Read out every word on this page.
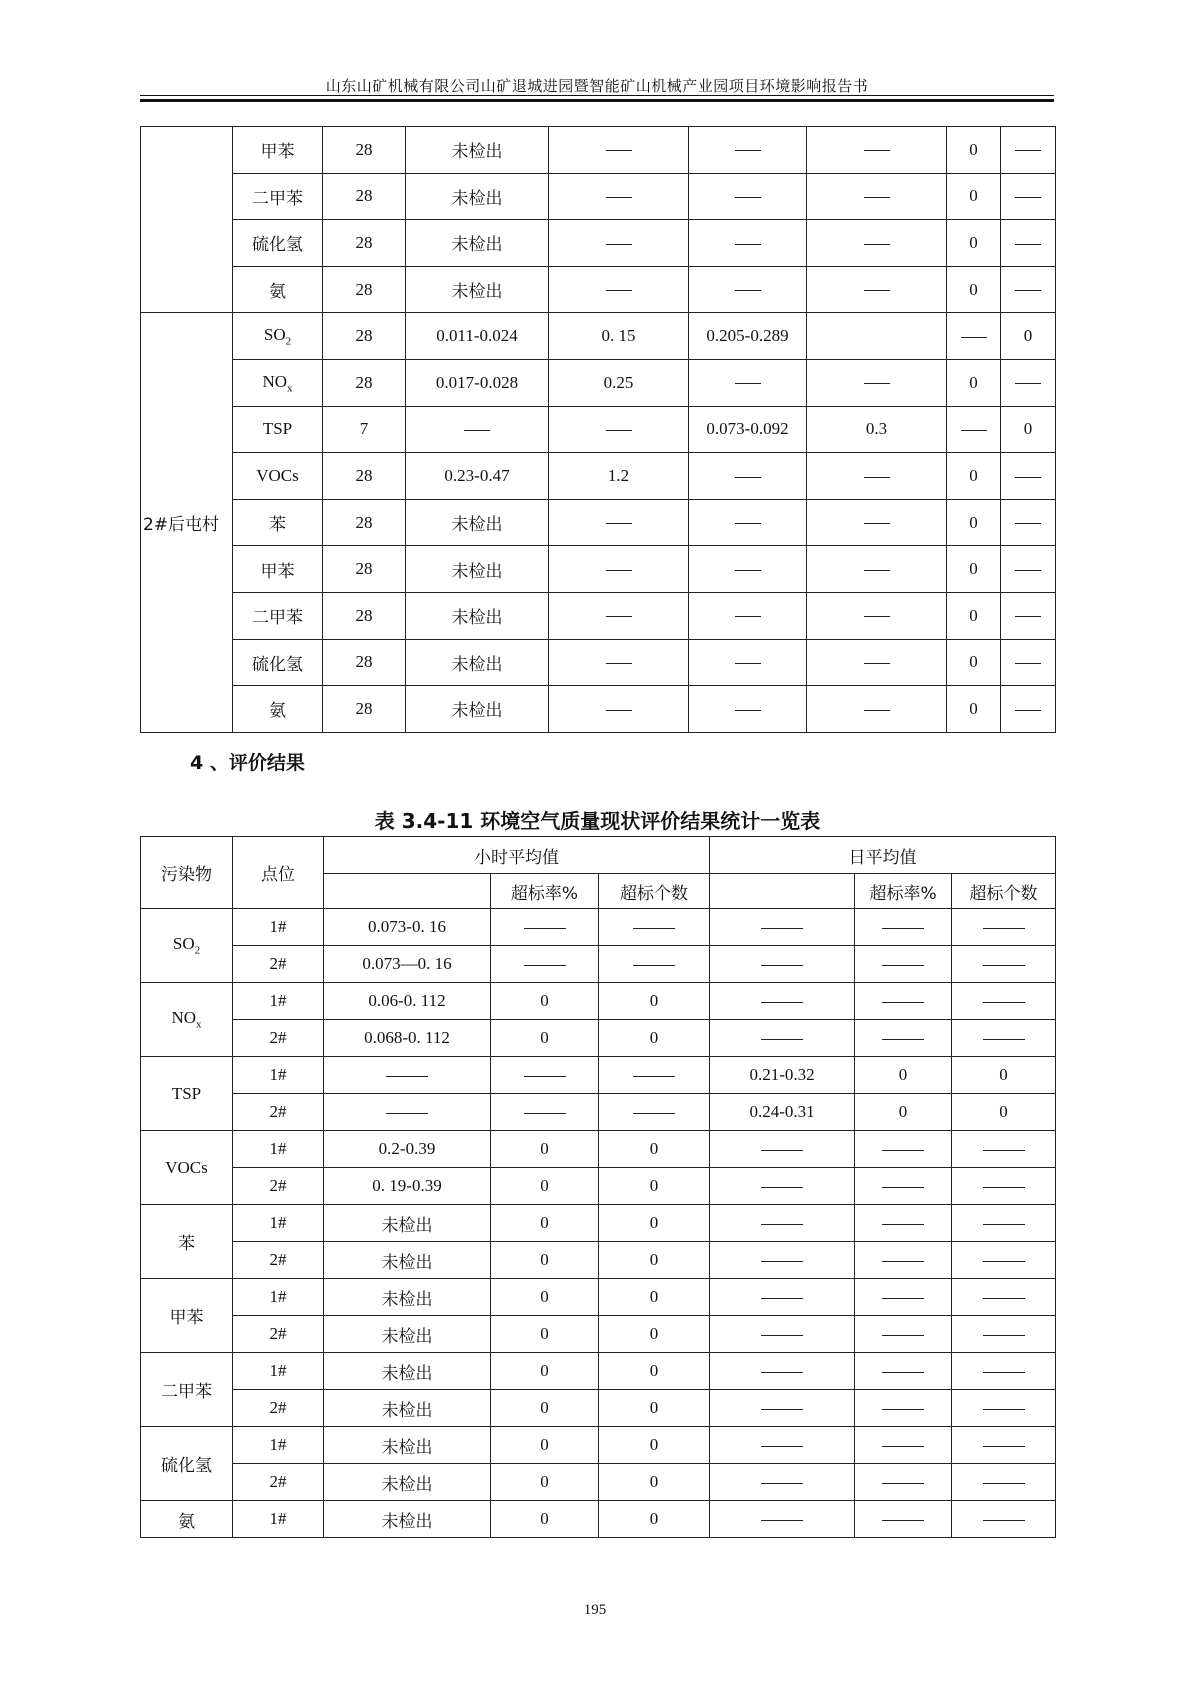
山东山矿机械有限公司山矿退城进园暨智能矿山机械产业园项目环境影响报告书
	甲苯	28	未检出				0	
	二甲苯	28	未检出				0	
	硫化氢	28	未检出				0	
	氨	28	未检出				0	
2#后屯村	$SO_2$	28	0.011-0.024	0. 15	0.205-0.289			0
	$NO_x$	28	0.017-0.028	0.25			0	
	TSP	7			0.073-0.092	0.3		0
	VOCs	28	0.23-0.47	1.2			0	
	苯	28	未检出				0	
	甲苯	28	未检出				0	
	二甲苯	28	未检出				0	
	硫化氢	28	未检出				0	
	氨	28	未检出				0	
4 、评价结果
表 3.4-11 环境空气质量现状评价结果统计一览表
污染物	点位	小时平均值			日平均值		
			超标率%	超标个数		超标率%	超标个数
$SO_2$	1#	0.073-0. 16					
	2#	0.073—0. 16					
$NO_x$	1#	0.06-0. 112	0	0			
	2#	0.068-0. 112	0	0			
TSP	1#				0.21-0.32	0	0
	2#				0.24-0.31	0	0
VOCs	1#	0.2-0.39	0	0			
	2#	0. 19-0.39	0	0			
苯	1#	未检出	0	0			
	2#	未检出	0	0			
甲苯	1#	未检出	0	0			
	2#	未检出	0	0			
二甲苯	1#	未检出	0	0			
	2#	未检出	0	0			
硫化氢	1#	未检出	0	0			
	2#	未检出	0	0			
氨	1#	未检出	0	0			
195
